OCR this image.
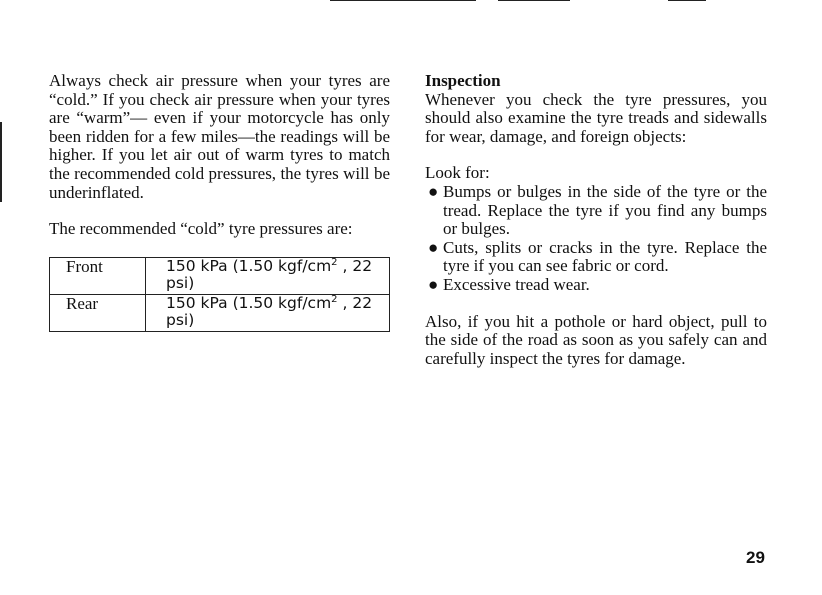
Always check air pressure when your tyres are “cold.” If you check air pressure when your tyres are “warm”— even if your motorcycle has only been ridden for a few miles—the readings will be higher. If you let air out of warm tyres to match the recommended cold pressures, the tyres will be underinflated.

The recommended “cold” tyre pressures are:

Front	150 kPa (1.50 kgf/$cm^2$ , 22 psi)
Rear	150 kPa (1.50 kgf/$cm^2$ , 22 psi)

Inspection

Whenever you check the tyre pressures, you should also examine the tyre treads and sidewalls for wear, damage, and foreign objects:

Look for:

● Bumps or bulges in the side of the tyre or the tread. Replace the tyre if you find any bumps or bulges.

● Cuts, splits or cracks in the tyre. Replace the tyre if you can see fabric or cord.

● Excessive tread wear.

Also, if you hit a pothole or hard object, pull to the side of the road as soon as you safely can and carefully inspect the tyres for damage.

29
